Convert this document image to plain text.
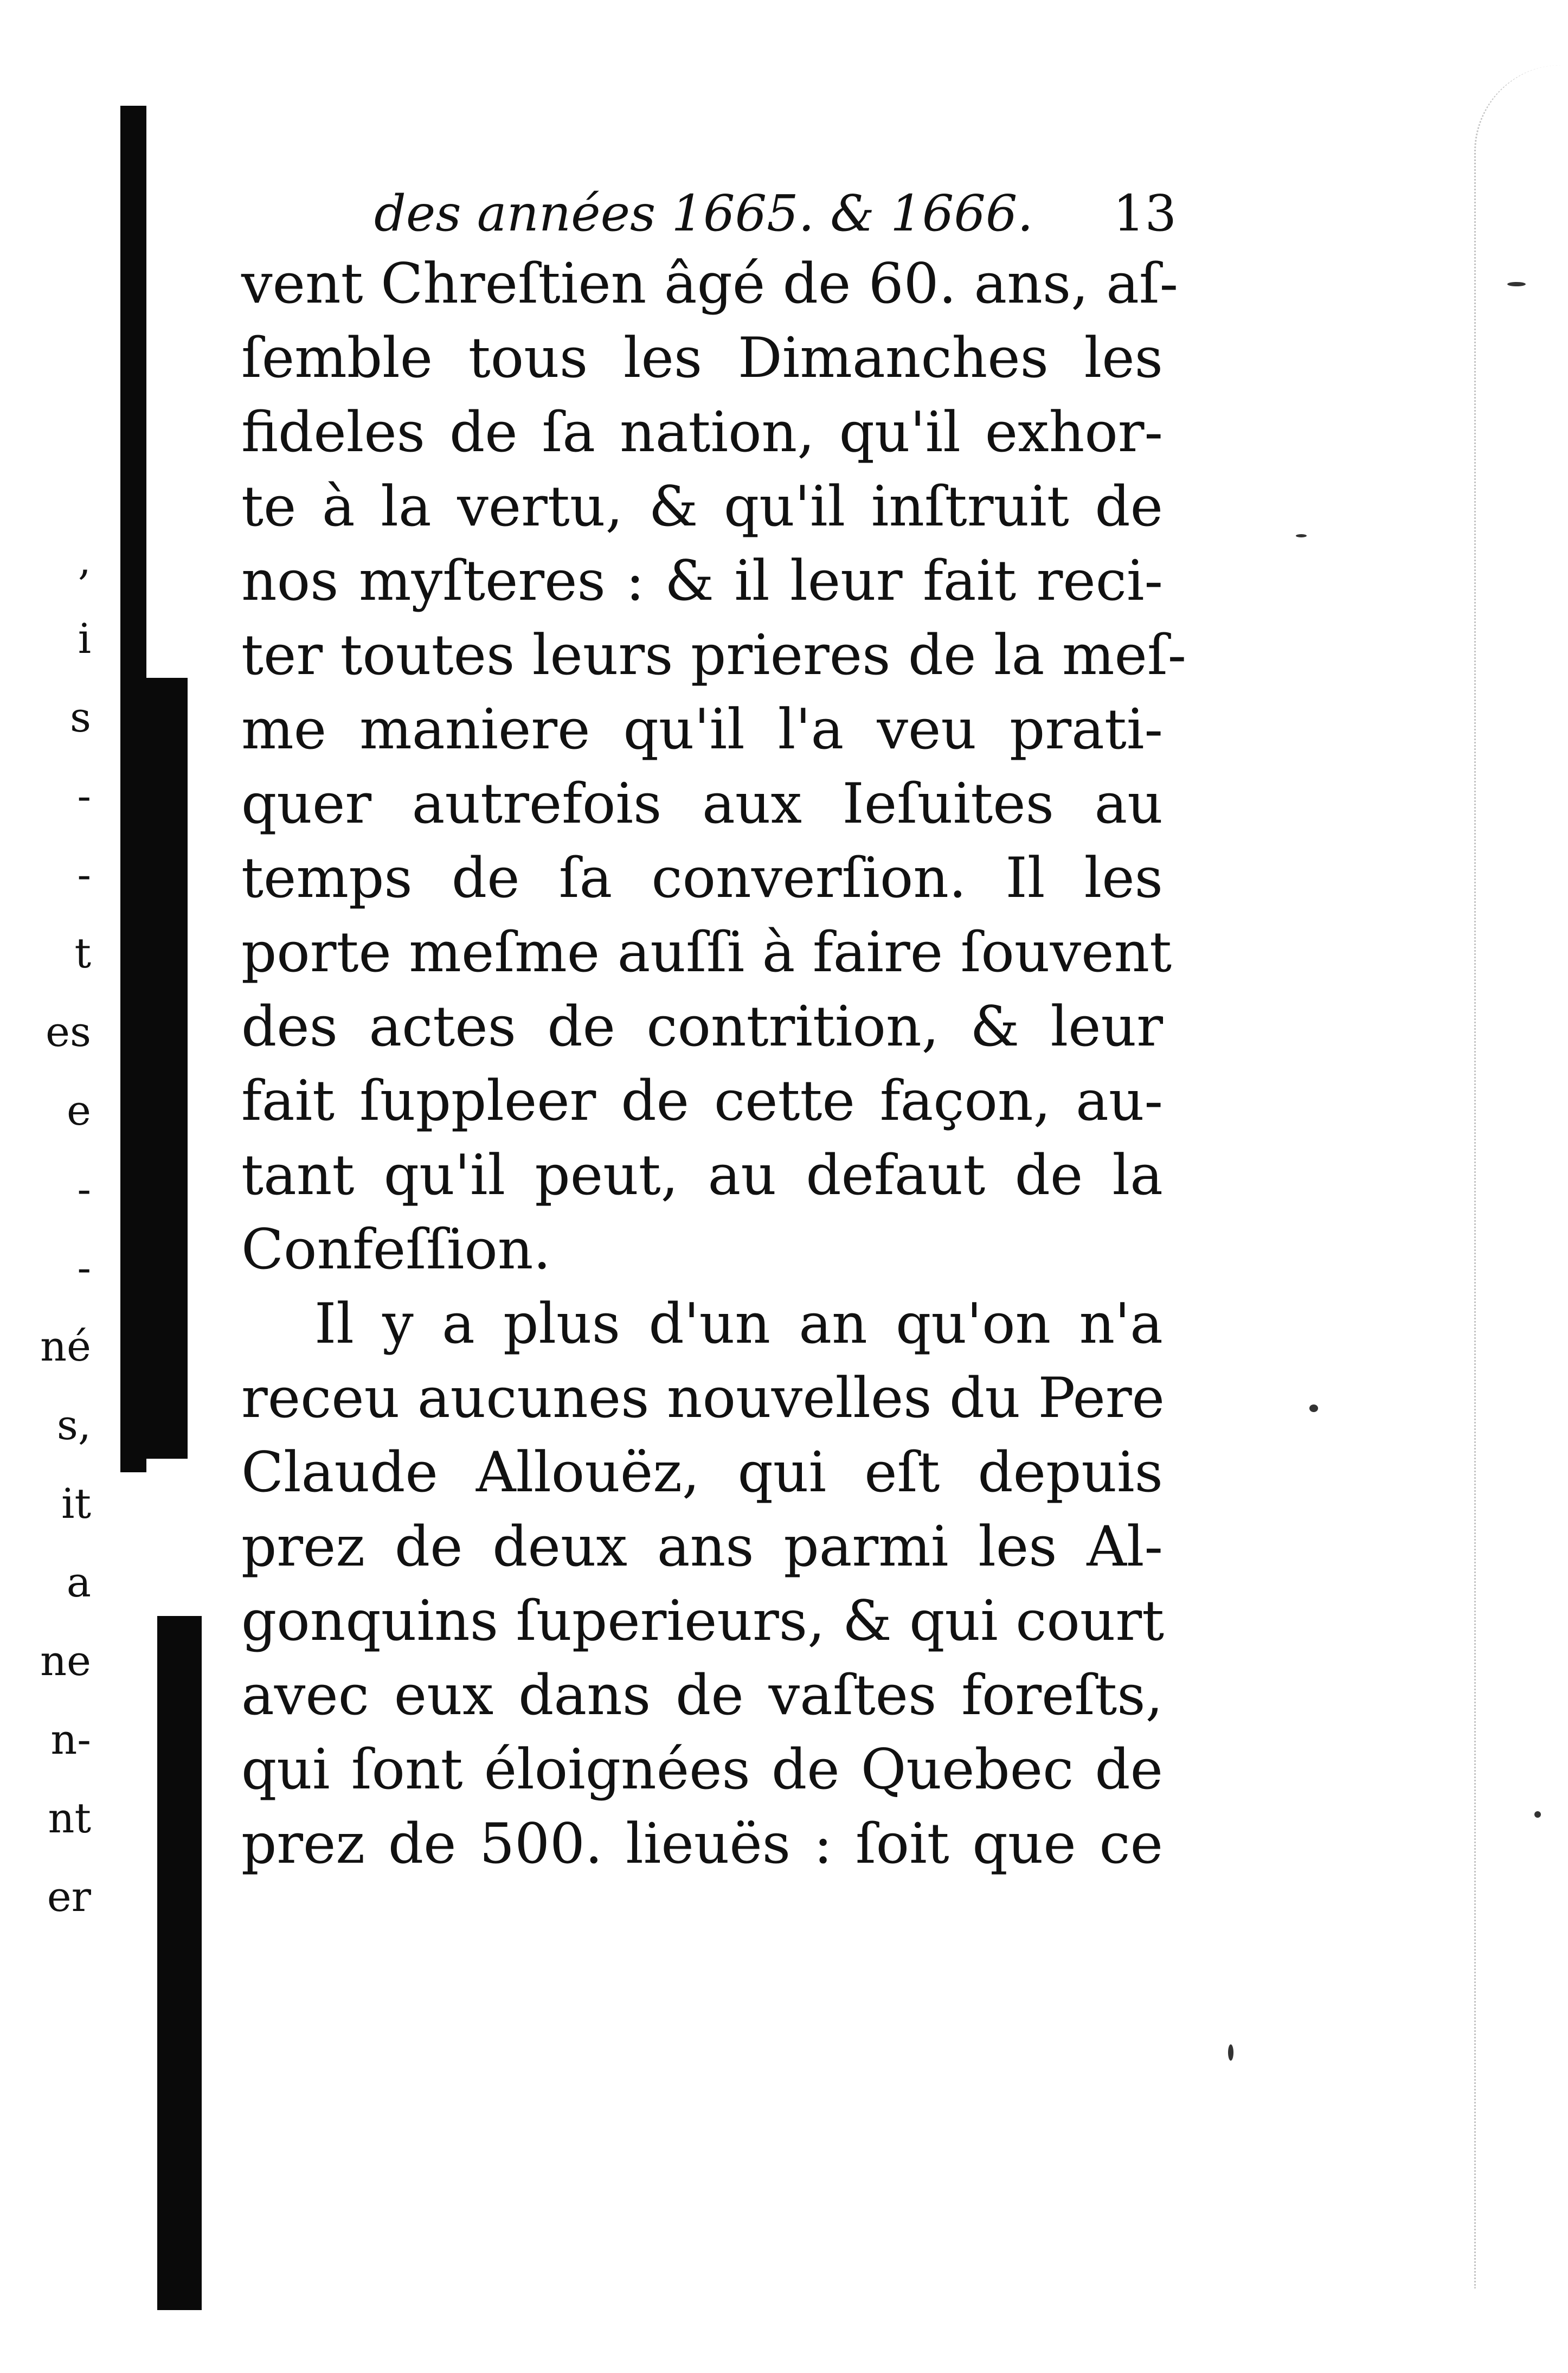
,
i
s
-
-
t
es
e
-
-
né
s,
it
a
ne
n-
nt
er
des années 1665. & 1666.	13
vent Chreſtien âgé de 60. ans, aſ-
ſemble tous les Dimanches les
fideles de ſa nation, qu'il exhor-
te à la vertu, & qu'il inſtruit de
nos myſteres : & il leur fait reci-
ter toutes leurs prieres de la meſ-
me maniere qu'il l'a veu prati-
quer autrefois aux Ieſuites au
temps de ſa converſion. Il les
porte meſme auſſi à faire ſouvent
des actes de contrition, & leur
fait ſuppleer de cette façon, au-
tant qu'il peut, au defaut de la
Confeſſion.
Il y a plus d'un an qu'on n'a
receu aucunes nouvelles du Pere
Claude Allouëz, qui eſt depuis
prez de deux ans parmi les Al-
gonquins ſuperieurs, & qui court
avec eux dans de vaſtes foreſts,
qui ſont éloignées de Quebec de
prez de 500. lieuës : ſoit que ce
